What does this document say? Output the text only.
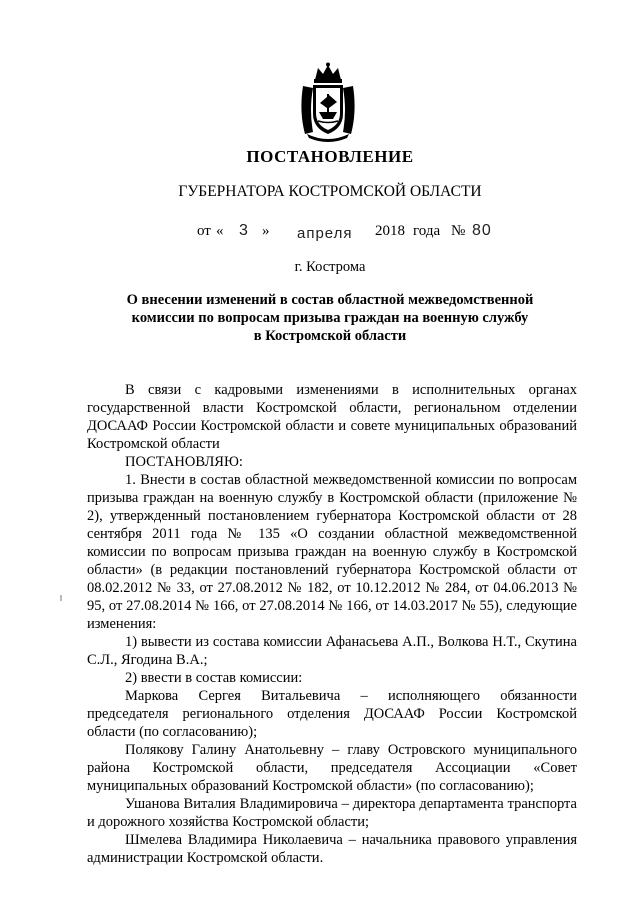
ПОСТАНОВЛЕНИЕ
ГУБЕРНАТОРА КОСТРОМСКОЙ ОБЛАСТИ
от « 3 » апреля 2018 года № 80
г. Кострома
О внесении изменений в состав областной межведомственной
комиссии по вопросам призыва граждан на военную службу
в Костромской области

В связи с кадровыми изменениями в исполнительных органах государственной власти Костромской области, региональном отделении ДОСААФ России Костромской области и совете муниципальных образований Костромской области

ПОСТАНОВЛЯЮ:

1. Внести в состав областной межведомственной комиссии по вопросам призыва граждан на военную службу в Костромской области (приложение № 2), утвержденный постановлением губернатора Костромской области от 28 сентября 2011 года № 135 «О создании областной межведомственной комиссии по вопросам призыва граждан на военную службу в Костромской области» (в редакции постановлений губернатора Костромской области от 08.02.2012 № 33, от 27.08.2012 № 182, от 10.12.2012 № 284, от 04.06.2013 № 95, от 27.08.2014 № 166, от 27.08.2014 № 166, от 14.03.2017 № 55), следующие изменения:

1) вывести из состава комиссии Афанасьева А.П., Волкова Н.Т., Скутина С.Л., Ягодина В.А.;

2) ввести в состав комиссии:

Маркова Сергея Витальевича – исполняющего обязанности председателя регионального отделения ДОСААФ России Костромской области (по согласованию);

Полякову Галину Анатольевну – главу Островского муниципального района Костромской области, председателя Ассоциации «Совет муниципальных образований Костромской области» (по согласованию);

Ушанова Виталия Владимировича – директора департамента транспорта и дорожного хозяйства Костромской области;

Шмелева Владимира Николаевича – начальника правового управления администрации Костромской области.
